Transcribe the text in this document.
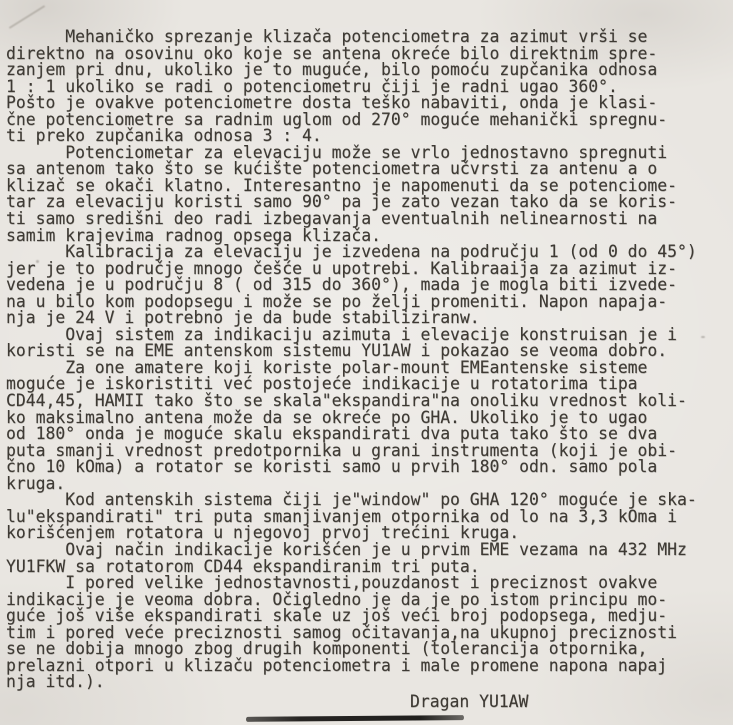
Mehaničko sprezanje klizača potenciometra za azimut vrši se
direktno na osovinu oko koje se antena okreće bilo direktnim spre-
zanjem pri dnu, ukoliko je to muguće, bilo pomoću zupčanika odnosa
1 : 1 ukoliko se radi o potenciometru čiji je radni ugao 360°.
Pošto je ovakve potenciometre dosta teško nabaviti, onda je klasi-
čne potenciometre sa radnim uglom od 270° moguće mehanički spregnu-
ti preko zupčanika odnosa 3 : 4.
Potenciometar za elevaciju može se vrlo jednostavno spregnuti
sa antenom tako što se kućište potenciometra učvrsti za antenu a o
klizač se okači klatno. Interesantno je napomenuti da se potenciome-
tar za elevaciju koristi samo 90° pa je zato vezan tako da se koris-
ti samo središni deo radi izbegavanja eventualnih nelinearnosti na
samim krajevima radnog opsega klizača.
Kalibracija za elevaciju je izvedena na području 1 (od 0 do 45°)
jer je to područje mnogo češće u upotrebi. Kalibraaija za azimut iz-
vedena je u području 8 ( od 315 do 360°), mada je mogla biti izvede-
na u bilo kom podopsegu i može se po želji promeniti. Napon napaja-
nja je 24 V i potrebno je da bude stabiliziranw.
Ovaj sistem za indikaciju azimuta i elevacije konstruisan je i
koristi se na EME antenskom sistemu YU1AW i pokazao se veoma dobro.
Za one amatere koji koriste polar-mount EMEantenske sisteme
moguće je iskoristiti već postojeće indikacije u rotatorima tipa
CD44,45, HAMII tako što se skala"ekspandira"na onoliku vrednost koli-
ko maksimalno antena može da se okreće po GHA. Ukoliko je to ugao
od 180° onda je moguće skalu ekspandirati dva puta tako što se dva
puta smanji vrednost predotpornika u grani instrumenta (koji je obi-
čno 10 kOma) a rotator se koristi samo u prvih 180° odn. samo pola
kruga.
Kod antenskih sistema čiji je"window" po GHA 120° moguće je ska-
lu"ekspandirati" tri puta smanjivanjem otpornika od lo na 3,3 kOma i
korišćenjem rotatora u njegovoj prvoj trećini kruga.
Ovaj način indikacije korišćen je u prvim EME vezama na 432 MHz
YU1FKW sa rotatorom CD44 ekspandiranim tri puta.
I pored velike jednostavnosti,pouzdanost i preciznost ovakve
indikacije je veoma dobra. Očigledno je da je po istom principu mo-
guće još više ekspandirati skale uz još veći broj podopsega, medju-
tim i pored veće preciznosti samog očitavanja,na ukupnoj preciznosti
se ne dobija mnogo zbog drugih komponenti (tolerancija otpornika,
prelazni otpori u klizaču potenciometra i male promene napona napaj
nja itd.).
Dragan YU1AW
